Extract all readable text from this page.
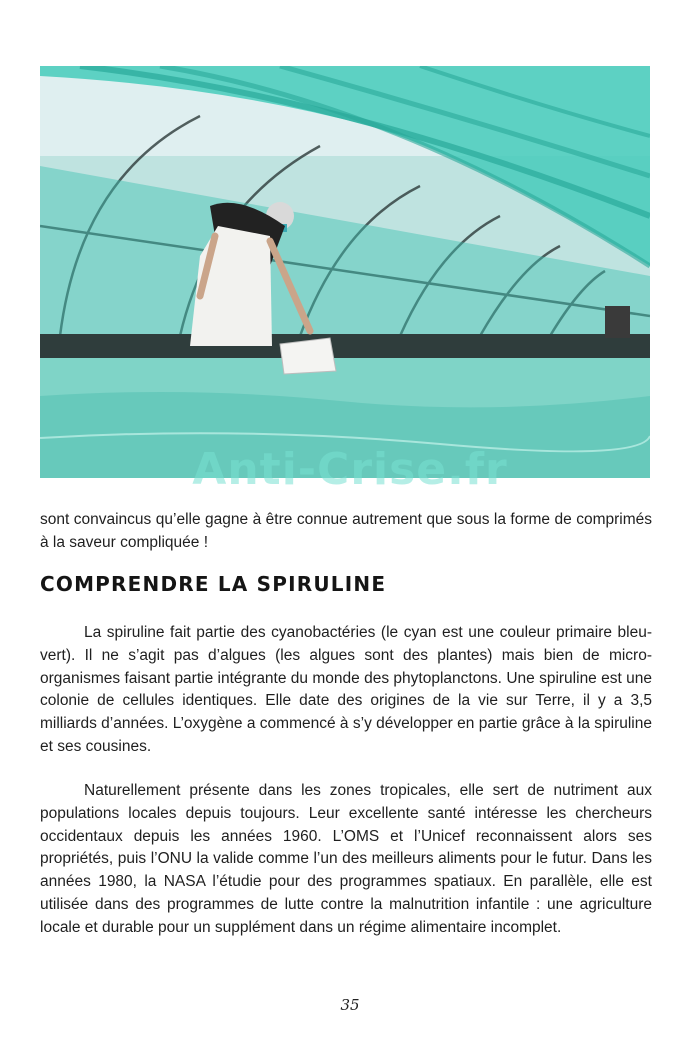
Anti-Crise.fr

sont convaincus qu’elle gagne à être connue autrement que sous la forme de comprimés à la saveur compliquée !

COMPRENDRE LA SPIRULINE

La spiruline fait partie des cyanobactéries (le cyan est une couleur primaire bleu-vert). Il ne s’agit pas d’algues (les algues sont des plantes) mais bien de micro-organismes faisant partie intégrante du monde des phytoplanctons. Une spiruline est une colonie de cellules identiques. Elle date des origines de la vie sur Terre, il y a 3,5 milliards d’années. L’oxygène a commencé à s’y développer en partie grâce à la spiruline et ses cousines.

Naturellement présente dans les zones tropicales, elle sert de nutriment aux populations locales depuis toujours. Leur excellente santé intéresse les chercheurs occidentaux depuis les années 1960. L’OMS et l’Unicef reconnaissent alors ses propriétés, puis l’ONU la valide comme l’un des meilleurs aliments pour le futur. Dans les années 1980, la NASA l’étudie pour des programmes spatiaux. En parallèle, elle est utilisée dans des programmes de lutte contre la malnutrition infantile : une agriculture locale et durable pour un supplément dans un régime alimentaire incomplet.

35
